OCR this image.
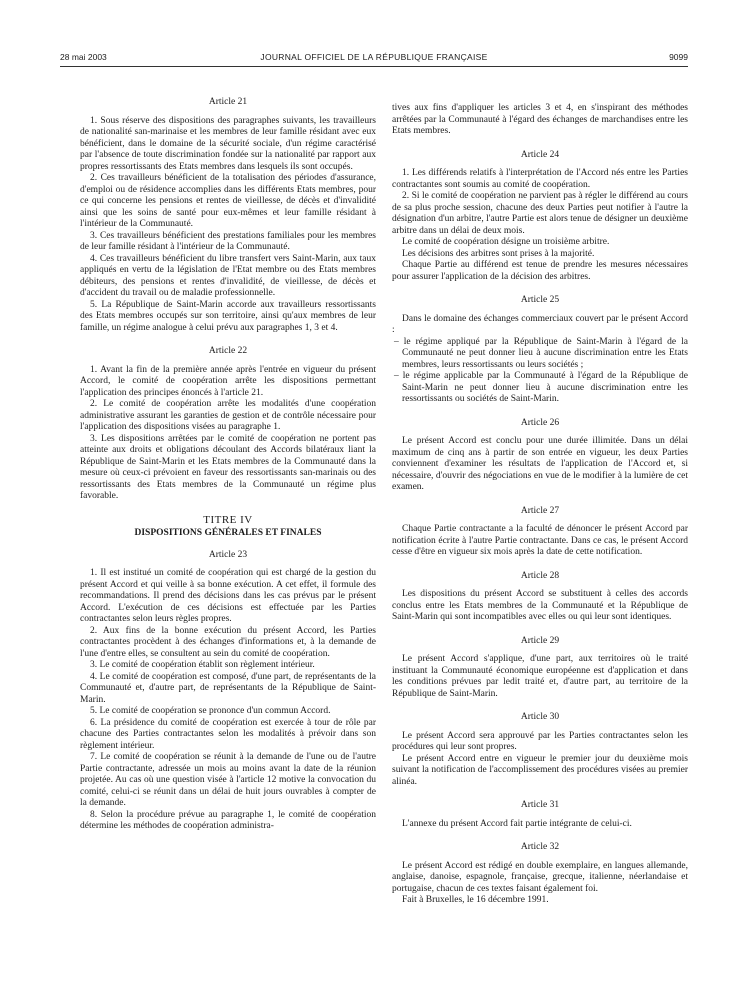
28 mai 2003	JOURNAL OFFICIEL DE LA RÉPUBLIQUE FRANÇAISE	9099
Article 21

1. Sous réserve des dispositions des paragraphes suivants, les travailleurs de nationalité san-marinaise et les membres de leur famille résidant avec eux bénéficient, dans le domaine de la sécurité sociale, d'un régime caractérisé par l'absence de toute discrimination fondée sur la nationalité par rapport aux propres ressortissants des Etats membres dans lesquels ils sont occupés.

2. Ces travailleurs bénéficient de la totalisation des périodes d'assurance, d'emploi ou de résidence accomplies dans les différents Etats membres, pour ce qui concerne les pensions et rentes de vieillesse, de décès et d'invalidité ainsi que les soins de santé pour eux-mêmes et leur famille résidant à l'intérieur de la Communauté.

3. Ces travailleurs bénéficient des prestations familiales pour les membres de leur famille résidant à l'intérieur de la Communauté.

4. Ces travailleurs bénéficient du libre transfert vers Saint-Marin, aux taux appliqués en vertu de la législation de l'Etat membre ou des Etats membres débiteurs, des pensions et rentes d'invalidité, de vieillesse, de décès et d'accident du travail ou de maladie professionnelle.

5. La République de Saint-Marin accorde aux travailleurs ressortissants des Etats membres occupés sur son territoire, ainsi qu'aux membres de leur famille, un régime analogue à celui prévu aux paragraphes 1, 3 et 4.

Article 22

1. Avant la fin de la première année après l'entrée en vigueur du présent Accord, le comité de coopération arrête les dispositions permettant l'application des principes énoncés à l'article 21.

2. Le comité de coopération arrête les modalités d'une coopération administrative assurant les garanties de gestion et de contrôle nécessaire pour l'application des dispositions visées au paragraphe 1.

3. Les dispositions arrêtées par le comité de coopération ne portent pas atteinte aux droits et obligations découlant des Accords bilatéraux liant la République de Saint-Marin et les Etats membres de la Communauté dans la mesure où ceux-ci prévoient en faveur des ressortissants san-marinais ou des ressortissants des Etats membres de la Communauté un régime plus favorable.

TITRE IV
DISPOSITIONS GÉNÉRALES ET FINALES
Article 23

1. Il est institué un comité de coopération qui est chargé de la gestion du présent Accord et qui veille à sa bonne exécution. A cet effet, il formule des recommandations. Il prend des décisions dans les cas prévus par le présent Accord. L'exécution de ces décisions est effectuée par les Parties contractantes selon leurs règles propres.

2. Aux fins de la bonne exécution du présent Accord, les Parties contractantes procèdent à des échanges d'informations et, à la demande de l'une d'entre elles, se consultent au sein du comité de coopération.

3. Le comité de coopération établit son règlement intérieur.

4. Le comité de coopération est composé, d'une part, de représentants de la Communauté et, d'autre part, de représentants de la République de Saint-Marin.

5. Le comité de coopération se prononce d'un commun Accord.

6. La présidence du comité de coopération est exercée à tour de rôle par chacune des Parties contractantes selon les modalités à prévoir dans son règlement intérieur.

7. Le comité de coopération se réunit à la demande de l'une ou de l'autre Partie contractante, adressée un mois au moins avant la date de la réunion projetée. Au cas où une question visée à l'article 12 motive la convocation du comité, celui-ci se réunit dans un délai de huit jours ouvrables à compter de la demande.

8. Selon la procédure prévue au paragraphe 1, le comité de coopération détermine les méthodes de coopération administra-

tives aux fins d'appliquer les articles 3 et 4, en s'inspirant des méthodes arrêtées par la Communauté à l'égard des échanges de marchandises entre les Etats membres.

Article 24

1. Les différends relatifs à l'interprétation de l'Accord nés entre les Parties contractantes sont soumis au comité de coopération.

2. Si le comité de coopération ne parvient pas à régler le différend au cours de sa plus proche session, chacune des deux Parties peut notifier à l'autre la désignation d'un arbitre, l'autre Partie est alors tenue de désigner un deuxième arbitre dans un délai de deux mois.

Le comité de coopération désigne un troisième arbitre.

Les décisions des arbitres sont prises à la majorité.

Chaque Partie au différend est tenue de prendre les mesures nécessaires pour assurer l'application de la décision des arbitres.

Article 25

Dans le domaine des échanges commerciaux couvert par le présent Accord :

– le régime appliqué par la République de Saint-Marin à l'égard de la Communauté ne peut donner lieu à aucune discrimination entre les Etats membres, leurs ressortissants ou leurs sociétés ;
– le régime applicable par la Communauté à l'égard de la République de Saint-Marin ne peut donner lieu à aucune discrimination entre les ressortissants ou sociétés de Saint-Marin.
Article 26

Le présent Accord est conclu pour une durée illimitée. Dans un délai maximum de cinq ans à partir de son entrée en vigueur, les deux Parties conviennent d'examiner les résultats de l'application de l'Accord et, si nécessaire, d'ouvrir des négociations en vue de le modifier à la lumière de cet examen.

Article 27

Chaque Partie contractante a la faculté de dénoncer le présent Accord par notification écrite à l'autre Partie contractante. Dans ce cas, le présent Accord cesse d'être en vigueur six mois après la date de cette notification.

Article 28

Les dispositions du présent Accord se substituent à celles des accords conclus entre les Etats membres de la Communauté et la République de Saint-Marin qui sont incompatibles avec elles ou qui leur sont identiques.

Article 29

Le présent Accord s'applique, d'une part, aux territoires où le traité instituant la Communauté économique européenne est d'application et dans les conditions prévues par ledit traité et, d'autre part, au territoire de la République de Saint-Marin.

Article 30

Le présent Accord sera approuvé par les Parties contractantes selon les procédures qui leur sont propres.

Le présent Accord entre en vigueur le premier jour du deuxième mois suivant la notification de l'accomplissement des procédures visées au premier alinéa.

Article 31

L'annexe du présent Accord fait partie intégrante de celui-ci.

Article 32

Le présent Accord est rédigé en double exemplaire, en langues allemande, anglaise, danoise, espagnole, française, grecque, italienne, néerlandaise et portugaise, chacun de ces textes faisant également foi.

Fait à Bruxelles, le 16 décembre 1991.
